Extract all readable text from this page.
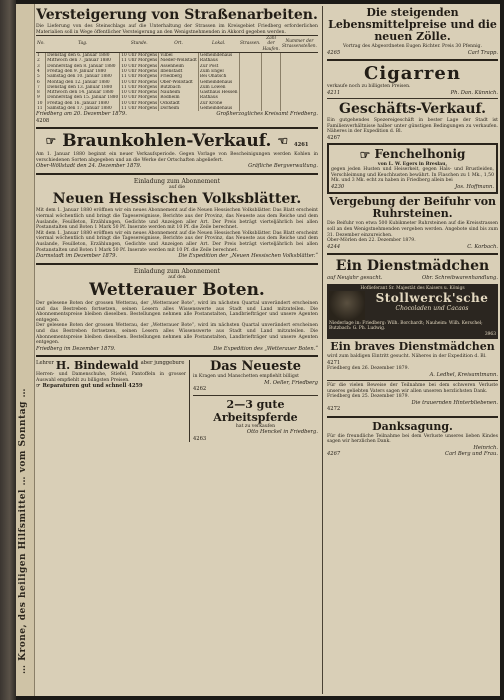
… Krone, des heiligen Hilfsmittel … vom Sonntag …
Versteigerung von Straßenarbeiten.
Die Lieferung von des Steinschlags auf die Unterhaltung der Strassen im Kreisgebiet Friedberg erforderlichen Materialien soll in Wege öffentlicher Versteigerung an den Wenigstnehmenden in Akkord gegeben werden.
No.	Tag.	Stunde.	Ort.	Lokal.	Strassen.	Zahl der Haufen.	Nummer der Strassenstellen.
1	Dienstag den 6. Januar 1880	10 Uhr Morgens	Vilbel	Gemeindehaus			
2	Mittwoch den 7. Januar 1880	11 Uhr Morgens	Nieder-Wöllstadt	Rathaus			
3	Donnerstag den 8. Januar 1880	10 Uhr Morgens	Assenheim	Zur Post			
4	Freitag den 9. Januar 1880	10 Uhr Morgens	Ilbenstadt	Zum Engel			
5	Samstag den 10. Januar 1880	11 Uhr Morgens	Friedberg	Bei Ohatsch			
6	Montag den 12. Januar 1880	10 Uhr Morgens	Ober-Wöllstadt	Gemeindehaus			
7	Dienstag den 13. Januar 1880	11 Uhr Morgens	Butzbach	Zum Löwen			
8	Mittwoch den 14. Januar 1880	10 Uhr Morgens	Nauheim	Gasthaus Hessen			
9	Donnerstag den 15. Januar 1880	10 Uhr Morgens	Rodheim	Rathaus			
10	Freitag den 16. Januar 1880	10 Uhr Morgens	Ockstadt	Zur Krone			
11	Samstag den 17. Januar 1880	11 Uhr Morgens	Dorheim	Gemeindehaus			
Friedberg am 20. Dezember 1879.	Großherzogliches Kreisamt Friedberg.
4208
☞ Braunkohlen-Verkauf. ☜ 4261
Am 1. Januar 1880 beginnt ein neuer Verkaufsperiode. Gegen Vorlage von Bescheinigungen werden Kohlen in verschiedenen Sorten abgegeben und an die Werke der Ortschaften abgeliefert.
Ober-Wöllstadt den 24. Dezember 1879.	Gräfliche Bergverwaltung.
Einladung zum Abonnement
auf die
Neuen Hessischen Volksblätter.
Mit dem 1. Januar 1880 eröffnen wir ein neues Abonnement auf die Neuen Hessischen Volksblätter. Das Blatt erscheint viermal wöchentlich und bringt die Tagesereignisse, Berichte aus der Provinz, das Neueste aus dem Reiche und dem Auslande, Feuilleton, Erzählungen, Gedichte und Anzeigen aller Art. Der Preis beträgt vierteljährlich bei allen Postanstalten und Boten 1 Mark 50 Pf. Inserate werden mit 10 Pf. die Zeile berechnet.
Mit dem 1. Januar 1880 eröffnen wir ein neues Abonnement auf die Neuen Hessischen Volksblätter. Das Blatt erscheint viermal wöchentlich und bringt die Tagesereignisse, Berichte aus der Provinz, das Neueste aus dem Reiche und dem Auslande, Feuilleton, Erzählungen, Gedichte und Anzeigen aller Art. Der Preis beträgt vierteljährlich bei allen Postanstalten und Boten 1 Mark 50 Pf. Inserate werden mit 10 Pf. die Zeile berechnet.
Darmstadt im Dezember 1879.	Die Expedition der „Neuen Hessischen Volksblätter.“
Einladung zum Abonnement
auf den
Wetterauer Boten.
Der gelesene Boten der grossen Wetterau, der „Wetterauer Bote“, wird im nächsten Quartal unverändert erscheinen und das Bestreben fortsetzen, seinen Lesern alles Wissenswerte aus Stadt und Land mitzuteilen. Die Abonnementspreise bleiben dieselben. Bestellungen nehmen alle Postanstalten, Landbriefträger und unsere Agenten entgegen.
Der gelesene Boten der grossen Wetterau, der „Wetterauer Bote“, wird im nächsten Quartal unverändert erscheinen und das Bestreben fortsetzen, seinen Lesern alles Wissenswerte aus Stadt und Land mitzuteilen. Die Abonnementspreise bleiben dieselben. Bestellungen nehmen alle Postanstalten, Landbriefträger und unsere Agenten entgegen.
Friedberg im Dezember 1879.	Die Expedition des „Wetterauer Boten.“
Lehrer H. Bindewald aber junggebure
Herren- und Damenschuhe, Stiefel, Pantoffeln in grosser Auswahl empfiehlt zu billigsten Preisen.
☞ Reparaturen gut und schnell 4259
Das Neueste
in Kragen und Manschetten empfiehlt billigst
M. Oeller, Friedberg
4262
2—3 gute Arbeitspferde
hat zu verkaufen
Otto Henckel in Friedberg.
4263
Die steigenden Lebensmittelpreise und die neuen Zölle.
Vortrag des Abgeordneten Eugen Richter. Preis 30 Pfennig.
4265	Carl Trapp.
Cigarren
verkaufe noch zu billigsten Preisen.
4211	Ph. Dan. Künnich.
Geschäfts-Verkauf.
Ein gutgehendes Spezereigeschäft in bester Lage der Stadt ist Familienverhältnisse halber unter günstigen Bedingungen zu verkaufen. Näheres in der Expedition d. Bl.
4267
☞ Fenchelhonig
von L. W. Egers in Breslau,
gegen jeden Husten und Heiserkeit, gegen Hals- und Brustleiden, Verschleimung und Keuchhusten bewährt. In Flaschen zu 1 Mk., 1,50 Mk. und 3 Mk. echt zu haben in Friedberg allein bei
4230	Jos. Hoffmann.
Vergebung der Beifuhr von Ruhrsteinen.
Die Beifuhr von etwa 500 Kubikmeter Ruhrsteinen auf die Kreisstrassen soll an den Wenigstnehmenden vergeben werden. Angebote sind bis zum 31. Dezember einzureichen.
Ober-Mörlen den 22. Dezember 1879.
4244	C. Korbach.
Ein Dienstmädchen
auf Neujahr gesucht.	Obr. Schreibwarenhandlung.
Hoflieferant Sr. Majestät des Kaisers u. Königs
Stollwerck'sche
Chocoladen und Cacaos
Niederlage in: Friedberg: Wilh. Borchardt; Nauheim: Wilh. Kerschel; Butzbach: G. Ph. Ludwig.
3963
Ein braves Dienstmädchen
wird zum baldigen Eintritt gesucht. Näheres in der Expedition d. Bl.
4271
Friedberg den 26. Dezember 1879.
A. Ledhel, Kreisamtmann.
Für die vielen Beweise der Teilnahme bei dem schweren Verluste unseres geliebten Vaters sagen wir allen unseren herzlichsten Dank.
Friedberg den 25. Dezember 1879.
Die trauernden Hinterbliebenen.
4272
Danksagung.
Für die freundliche Teilnahme bei dem Verluste unseres lieben Kindes sagen wir herzlichen Dank.
Heinrich.
4267	Carl Berg und Frau.
